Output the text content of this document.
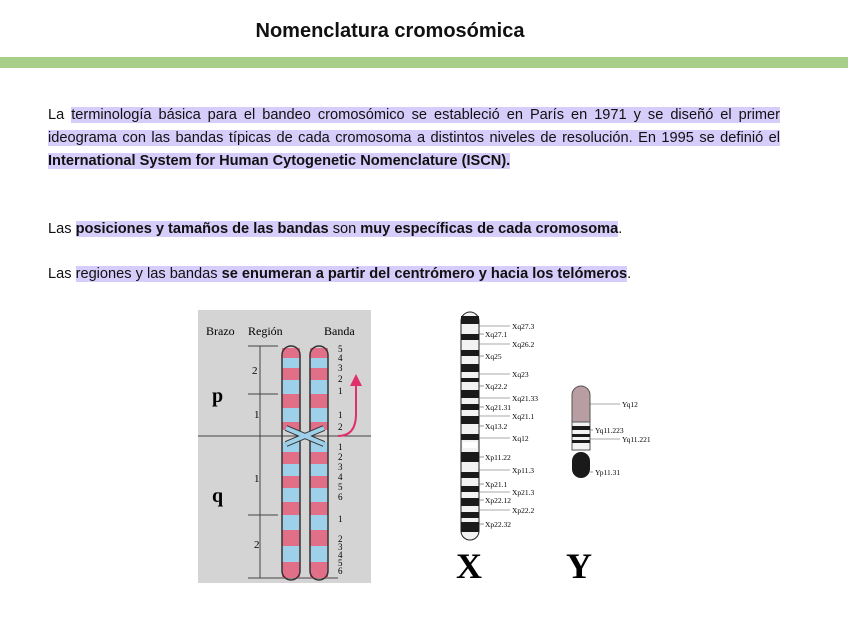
Nomenclatura cromosómica
La terminología básica para el bandeo cromosómico se estableció en París en 1971 y se diseñó el primer ideograma con las bandas típicas de cada cromosoma a distintos niveles de resolución. En 1995 se definió el International System for Human Cytogenetic Nomenclature (ISCN).
Las posiciones y tamaños de las bandas son muy específicas de cada cromosoma.
Las regiones y las bandas se enumeran a partir del centrómero y hacia los telómeros.
Brazo Región	Banda
p
q
2
1
1
2
5
4
3
2
1
1
2
1
2
3
4
5
6
1
2
3
4
5
6
Xq27.3
Xq26.2
Xq23
Xq21.33
Xq21.1
Xq12
Xp11.3
Xp21.3
Xp22.2
Xq27.1
Xq25
Xq22.2
Xq21.31
Xq13.2
Xp11.22
Xp21.1
Xp22.12
Xp22.32
Yq12
Yq11.223
Yq11.221
Yp11.31
X Y
